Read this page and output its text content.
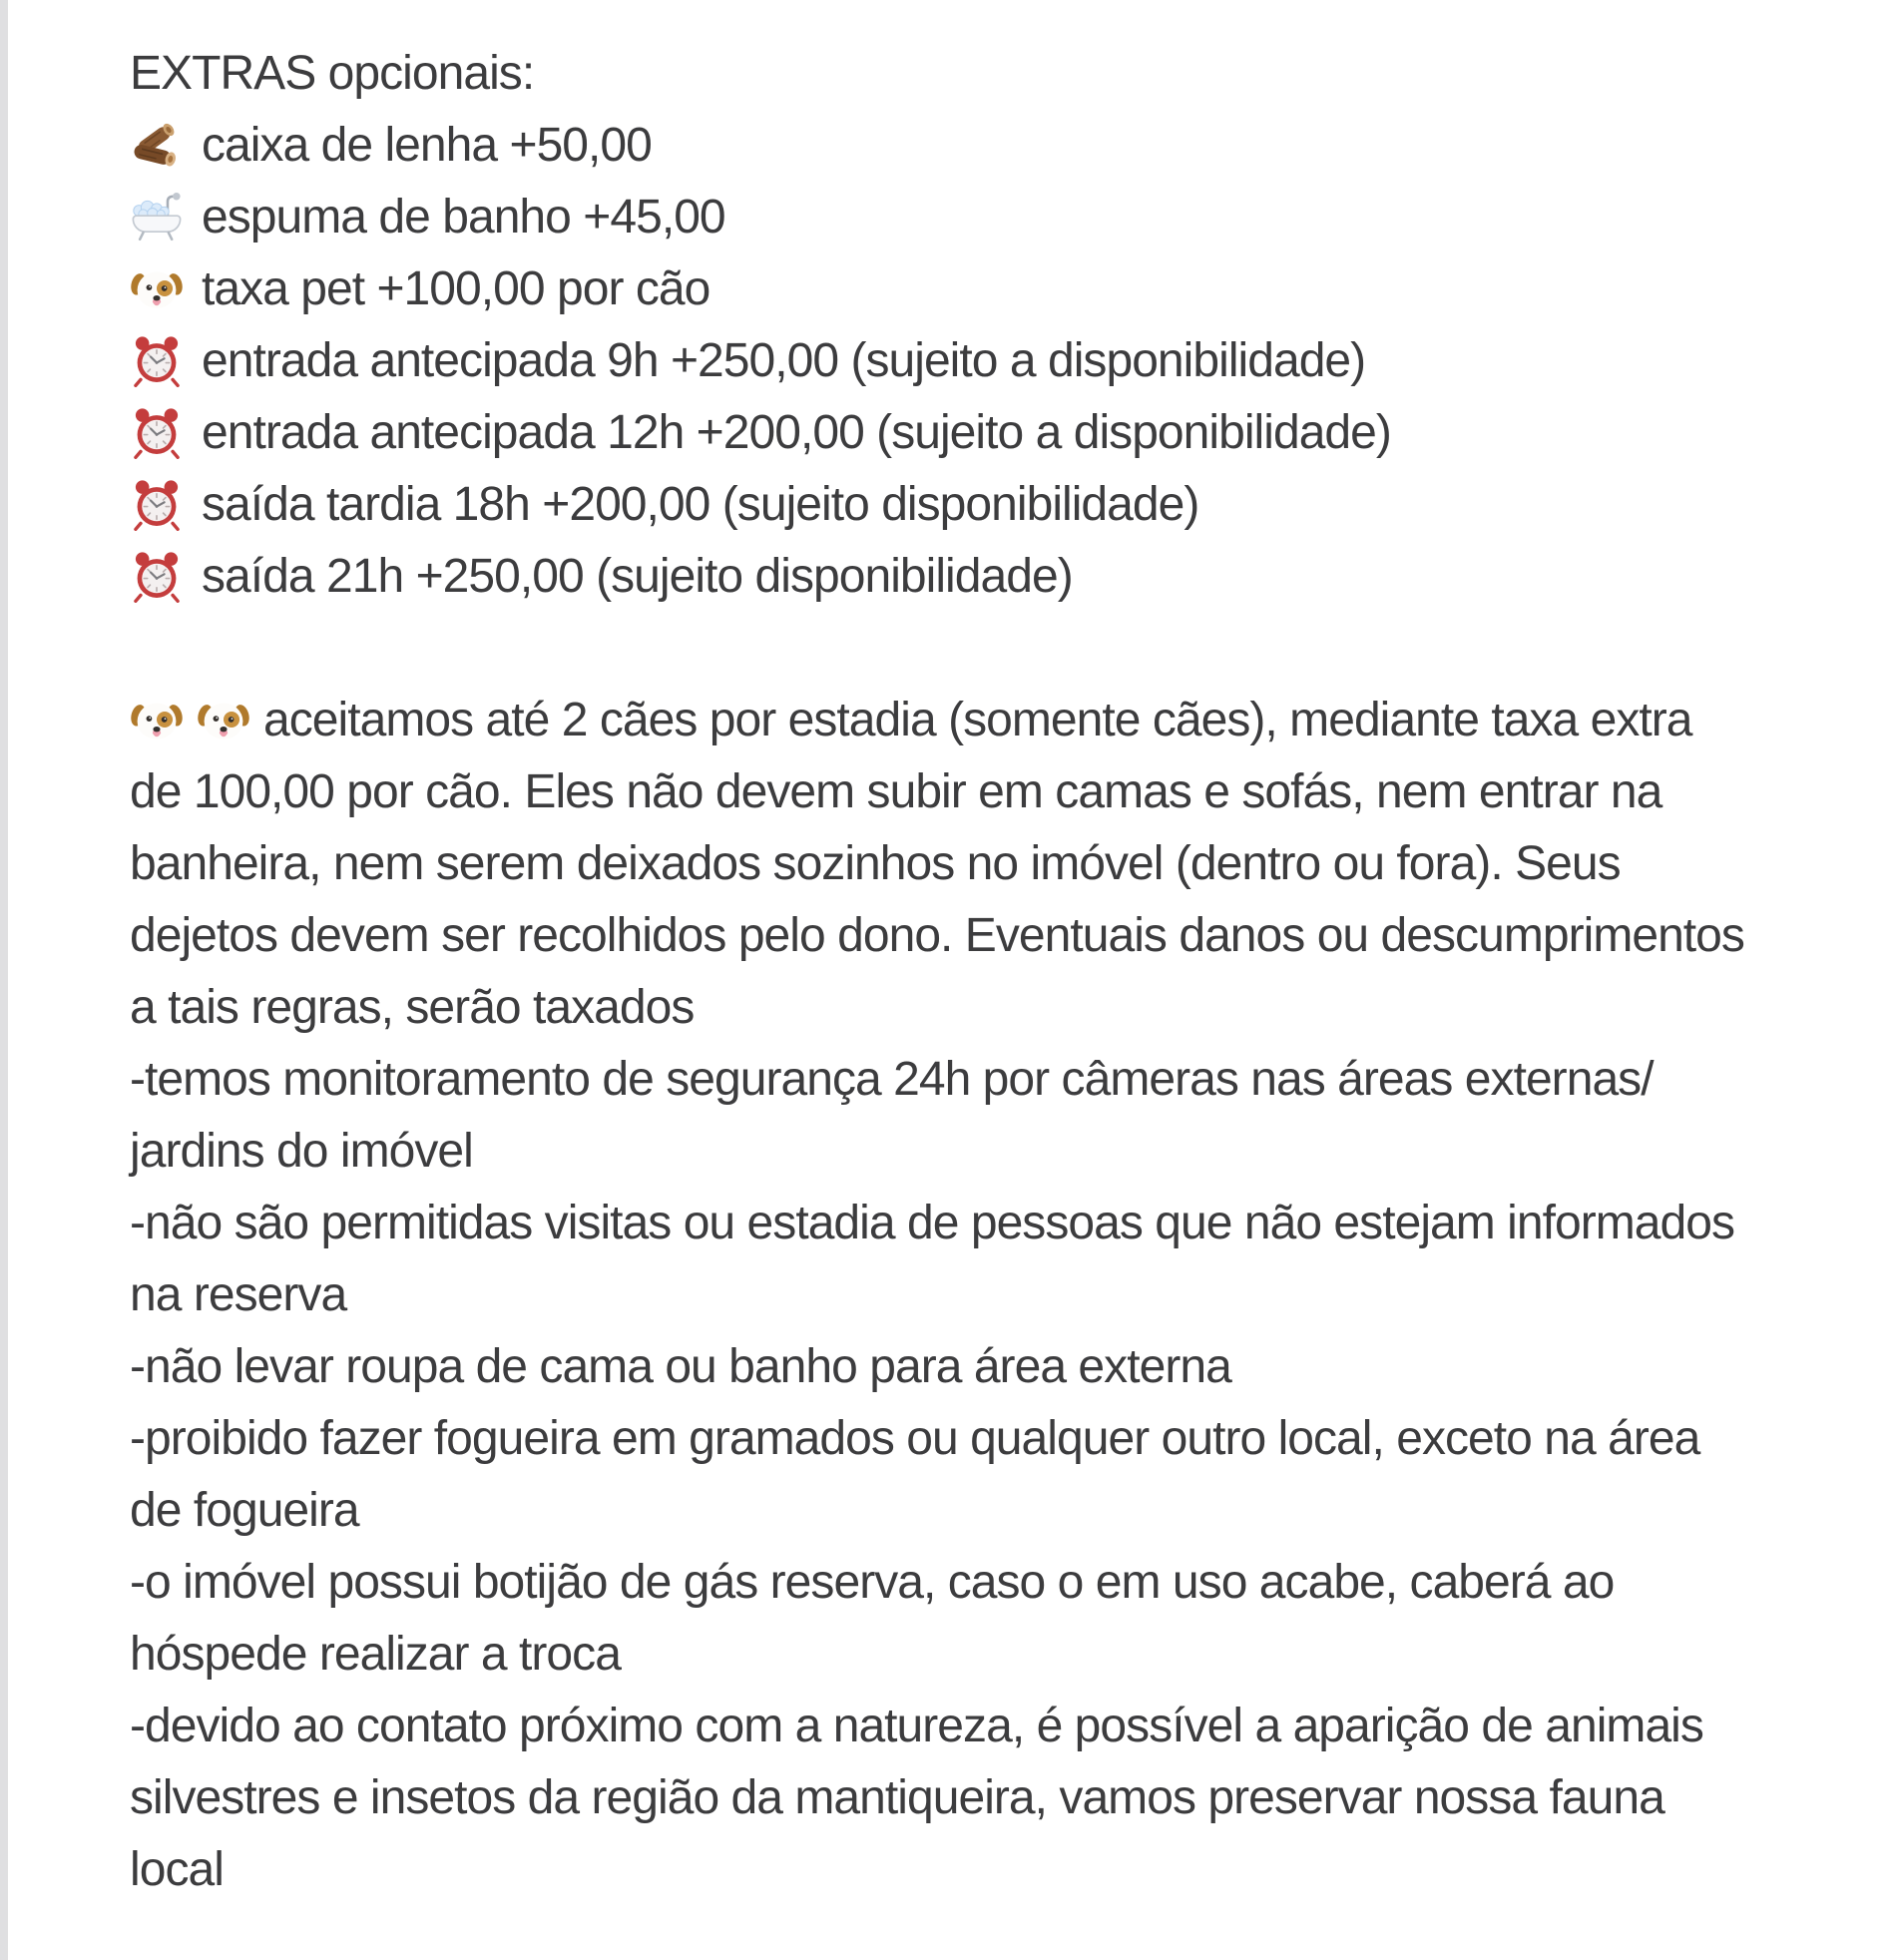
EXTRAS opcionais:
caixa de lenha +50,00
espuma de banho +45,00
taxa pet +100,00 por cão
entrada antecipada 9h +250,00 (sujeito a disponibilidade)
entrada antecipada 12h +200,00 (sujeito a disponibilidade)
saída tardia 18h +200,00 (sujeito disponibilidade)
saída 21h +250,00 (sujeito disponibilidade)
aceitamos até 2 cães por estadia (somente cães), mediante taxa extra
de 100,00 por cão. Eles não devem subir em camas e sofás, nem entrar na
banheira, nem serem deixados sozinhos no imóvel (dentro ou fora). Seus
dejetos devem ser recolhidos pelo dono. Eventuais danos ou descumprimentos
a tais regras, serão taxados
-temos monitoramento de segurança 24h por câmeras nas áreas externas/
jardins do imóvel
-não são permitidas visitas ou estadia de pessoas que não estejam informados
na reserva
-não levar roupa de cama ou banho para área externa
-proibido fazer fogueira em gramados ou qualquer outro local, exceto na área
de fogueira
-o imóvel possui botijão de gás reserva, caso o em uso acabe, caberá ao
hóspede realizar a troca
-devido ao contato próximo com a natureza, é possível a aparição de animais
silvestres e insetos da região da mantiqueira, vamos preservar nossa fauna
local
